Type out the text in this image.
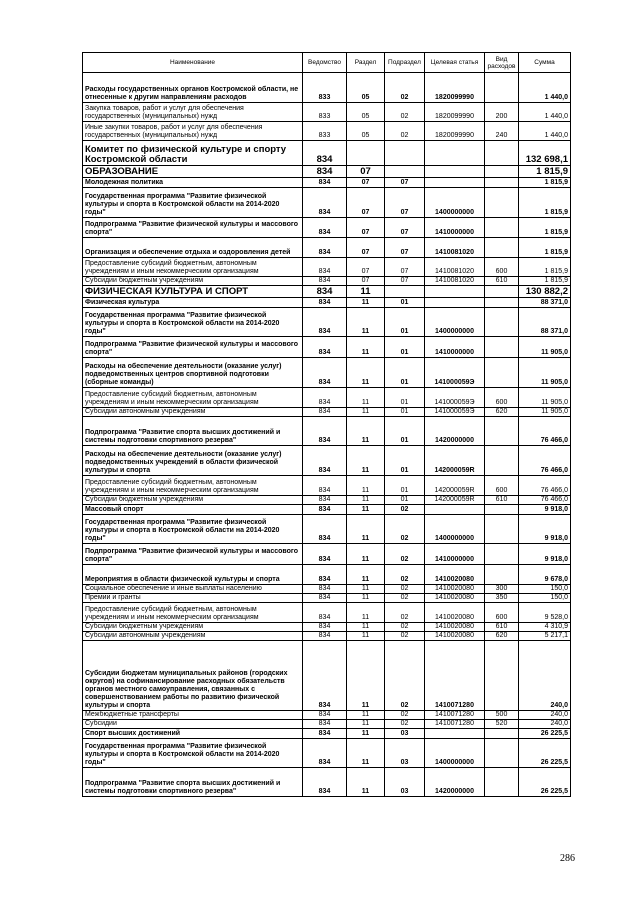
Наименование	Ведомство	Раздел	Подраздел	Целевая статья	Вид расходов	Сумма
Расходы государственных органов Костромской области, не отнесенные к другим направлениям расходов	833	05	02	1820099990		1 440,0
Закупка товаров, работ и услуг для обеспечения государственных (муниципальных) нужд	833	05	02	1820099990	200	1 440,0
Иные закупки товаров, работ и услуг для обеспечения государственных (муниципальных) нужд	833	05	02	1820099990	240	1 440,0
Комитет по физической культуре и спорту Костромской области	834					132 698,1
ОБРАЗОВАНИЕ	834	07				1 815,9
Молодежная политика	834	07	07			1 815,9
Государственная программа "Развитие физической культуры и спорта в Костромской области на 2014-2020 годы"	834	07	07	1400000000		1 815,9
Подпрограмма "Развитие физической культуры и массового спорта"	834	07	07	1410000000		1 815,9
Организация и обеспечение отдыха и оздоровления детей	834	07	07	1410081020		1 815,9
Предоставление субсидий бюджетным, автономным учреждениям и иным некоммерческим организациям	834	07	07	1410081020	600	1 815,9
Субсидии бюджетным учреждениям	834	07	07	1410081020	610	1 815,9
ФИЗИЧЕСКАЯ КУЛЬТУРА И СПОРТ	834	11				130 882,2
Физическая культура	834	11	01			88 371,0
Государственная программа "Развитие физической культуры и спорта в Костромской области на 2014-2020 годы"	834	11	01	1400000000		88 371,0
Подпрограмма "Развитие физической культуры и массового спорта"	834	11	01	1410000000		11 905,0
Расходы на обеспечение деятельности (оказание услуг) подведомственных центров спортивной подготовки (сборные команды)	834	11	01	141000059Э		11 905,0
Предоставление субсидий бюджетным, автономным учреждениям и иным некоммерческим организациям	834	11	01	141000059Э	600	11 905,0
Субсидии автономным учреждениям	834	11	01	141000059Э	620	11 905,0
Подпрограмма "Развитие спорта высших достижений и системы подготовки спортивного резерва"	834	11	01	1420000000		76 466,0
Расходы на обеспечение деятельности (оказание услуг) подведомственных учреждений в области физической культуры и спорта	834	11	01	142000059R		76 466,0
Предоставление субсидий бюджетным, автономным учреждениям и иным некоммерческим организациям	834	11	01	142000059R	600	76 466,0
Субсидии бюджетным учреждениям	834	11	01	142000059R	610	76 466,0
Массовый спорт	834	11	02			9 918,0
Государственная программа "Развитие физической культуры и спорта в Костромской области на 2014-2020 годы"	834	11	02	1400000000		9 918,0
Подпрограмма "Развитие физической культуры и массового спорта"	834	11	02	1410000000		9 918,0
Мероприятия в области физической культуры и спорта	834	11	02	1410020080		9 678,0
Социальное обеспечение и иные выплаты населению	834	11	02	1410020080	300	150,0
Премии и гранты	834	11	02	1410020080	350	150,0
Предоставление субсидий бюджетным, автономным учреждениям и иным некоммерческим организациям	834	11	02	1410020080	600	9 528,0
Субсидии бюджетным учреждениям	834	11	02	1410020080	610	4 310,9
Субсидии автономным учреждениям	834	11	02	1410020080	620	5 217,1
Субсидии бюджетам муниципальных районов (городских округов) на софинансирование расходных обязательств органов местного самоуправления, связанных с совершенствованием работы по развитию физической культуры и спорта	834	11	02	1410071280		240,0
Межбюджетные трансферты	834	11	02	1410071280	500	240,0
Субсидии	834	11	02	1410071280	520	240,0
Спорт высших достижений	834	11	03			26 225,5
Государственная программа "Развитие физической культуры и спорта в Костромской области на 2014-2020 годы"	834	11	03	1400000000		26 225,5
Подпрограмма "Развитие спорта высших достижений и системы подготовки спортивного резерва"	834	11	03	1420000000		26 225,5
286
